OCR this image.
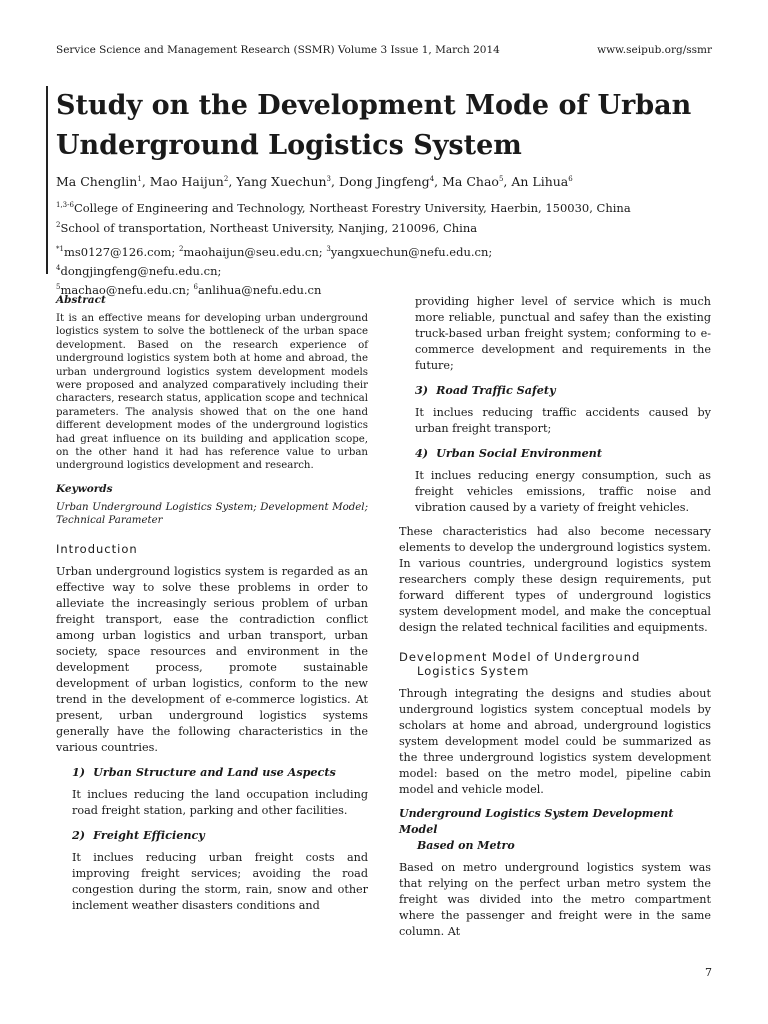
Service Science and Management Research (SSMR) Volume 3 Issue 1, March 2014	www.seipub.org/ssmr
Study on the Development Mode of Urban Underground Logistics System
Ma Chenglin$^1$, Mao Haijun$^2$, Yang Xuechun$^3$, Dong Jingfeng$^4$, Ma Chao$^5$, An Lihua$^6$
$^{1,3-6}$College of Engineering and Technology, Northeast Forestry University, Haerbin, 150030, China
$^2$School of transportation, Northeast University, Nanjing, 210096, China
$^{*1}$ms0127@126.com; $^2$maohaijun@seu.edu.cn; $^3$yangxuechun@nefu.edu.cn; $^4$dongjingfeng@nefu.edu.cn;
$^5$machao@nefu.edu.cn; $^6$anlihua@nefu.edu.cn
Abstract

It is an effective means for developing urban underground logistics system to solve the bottleneck of the urban space development. Based on the research experience of underground logistics system both at home and abroad, the urban underground logistics system development models were proposed and analyzed comparatively including their characters, research status, application scope and technical parameters. The analysis showed that on the one hand different development modes of the underground logistics had great influence on its building and application scope, on the other hand it had has reference value to urban underground logistics development and research.

Keywords

Urban Underground Logistics System; Development Model; Technical Parameter

Introduction

Urban underground logistics system is regarded as an effective way to solve these problems in order to alleviate the increasingly serious problem of urban freight transport, ease the contradiction conflict among urban logistics and urban transport, urban society, space resources and environment in the development process, promote sustainable development of urban logistics, conform to the new trend in the development of e-commerce logistics. At present, urban underground logistics systems generally have the following characteristics in the various countries.

1) Urban Structure and Land use Aspects

It inclues reducing the land occupation including road freight station, parking and other facilities.

2) Freight Efficiency

It inclues reducing urban freight costs and improving freight services; avoiding the road congestion during the storm, rain, snow and other inclement weather disasters conditions and

providing higher level of service which is much more reliable, punctual and safey than the existing truck-based urban freight system; conforming to e-commerce development and requirements in the future;

3) Road Traffic Safety

It inclues reducing traffic accidents caused by urban freight transport;

4) Urban Social Environment

It inclues reducing energy consumption, such as freight vehicles emissions, traffic noise and vibration caused by a variety of freight vehicles.

These characteristics had also become necessary elements to develop the underground logistics system. In various countries, underground logistics system researchers comply these design requirements, put forward different types of underground logistics system development model, and make the conceptual design the related technical facilities and equipments.

Development Model of Underground
Logistics System

Through integrating the designs and studies about underground logistics system conceptual models by scholars at home and abroad, underground logistics system development model could be summarized as the three underground logistics system development model: based on the metro model, pipeline cabin model and vehicle model.

Underground Logistics System Development Model
Based on Metro

Based on metro underground logistics system was that relying on the perfect urban metro system the freight was divided into the metro compartment where the passenger and freight were in the same column. At

7
